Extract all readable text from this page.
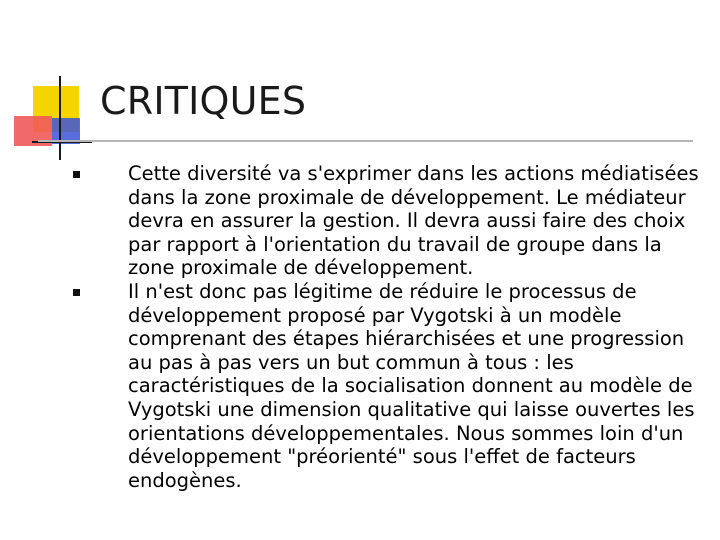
CRITIQUES
Cette diversité va s'exprimer dans les actions médiatisées dans la zone proximale de développement. Le médiateur devra en assurer la gestion. Il devra aussi faire des choix par rapport à l'orientation du travail de groupe dans la zone proximale de développement.
Il n'est donc pas légitime de réduire le processus de développement proposé par Vygotski à un modèle comprenant des étapes hiérarchisées et une progression au pas à pas vers un but commun à tous : les caractéristiques de la socialisation donnent au modèle de Vygotski une dimension qualitative qui laisse ouvertes les orientations développementales. Nous sommes loin d'un développement "préorienté" sous l'effet de facteurs endogènes.
